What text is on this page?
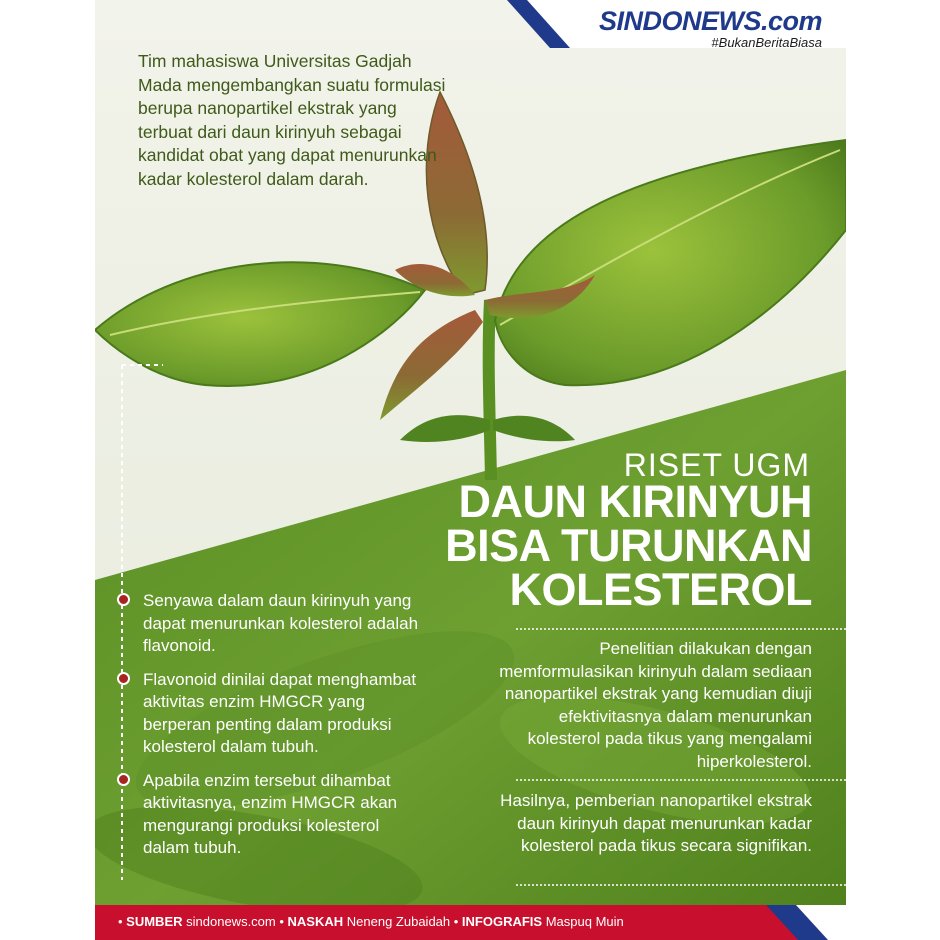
SINDONEWS.com
#BukanBeritaBiasa

Tim mahasiswa Universitas Gadjah Mada mengembangkan suatu formulasi berupa nanopartikel ekstrak yang terbuat dari daun kirinyuh sebagai kandidat obat yang dapat menurunkan kadar kolesterol dalam darah.

RISET UGM
DAUN KIRINYUH
BISA TURUNKAN
KOLESTEROL
Senyawa dalam daun kirinyuh yang dapat menurunkan kolesterol adalah flavonoid.
Flavonoid dinilai dapat menghambat aktivitas enzim HMGCR yang berperan penting dalam produksi kolesterol dalam tubuh.
Apabila enzim tersebut dihambat aktivitasnya, enzim HMGCR akan mengurangi produksi kolesterol dalam tubuh.

Penelitian dilakukan dengan memformulasikan kirinyuh dalam sediaan nanopartikel ekstrak yang kemudian diuji efektivitasnya dalam menurunkan kolesterol pada tikus yang mengalami hiperkolesterol.

Hasilnya, pemberian nanopartikel ekstrak daun kirinyuh dapat menurunkan kadar kolesterol pada tikus secara signifikan.

• SUMBER sindonews.com • NASKAH Neneng Zubaidah • INFOGRAFIS Maspuq Muin
